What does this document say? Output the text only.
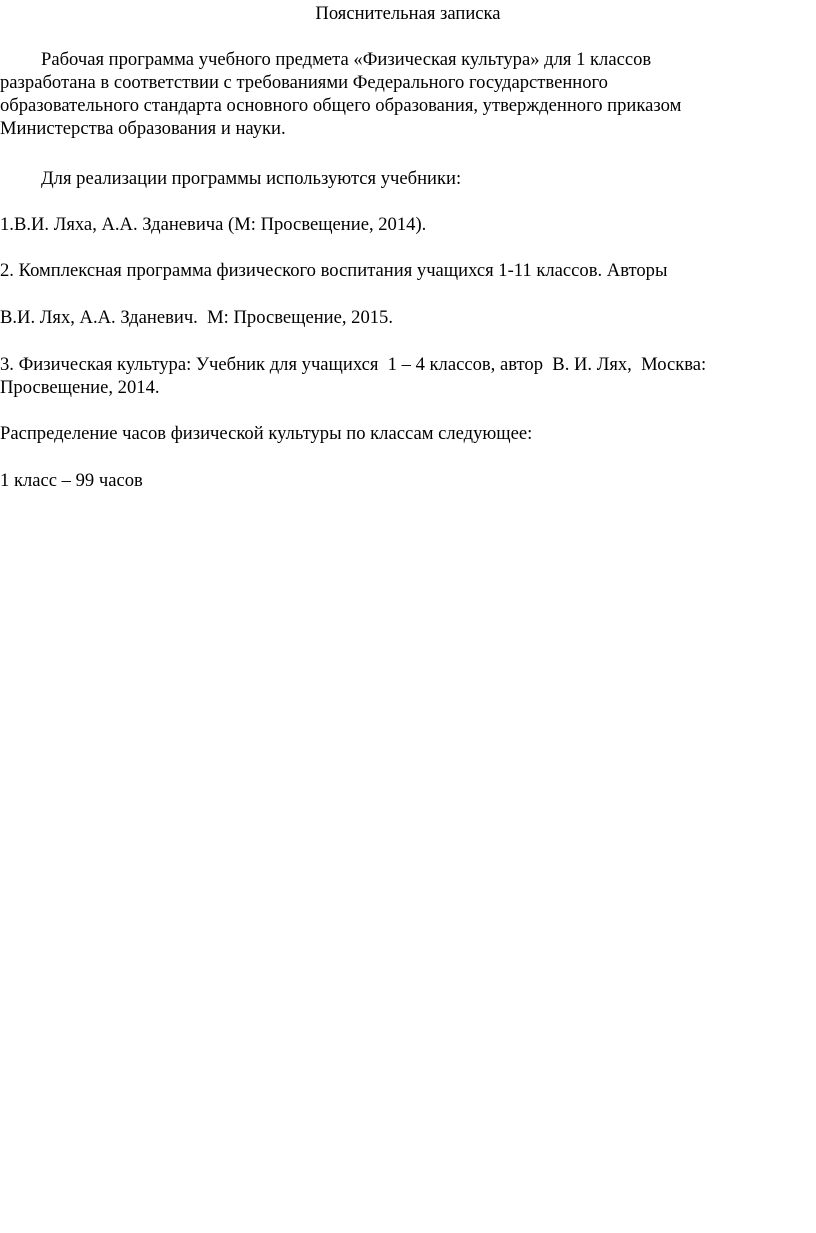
Пояснительная записка
Рабочая программа учебного предмета «Физическая культура» для 1 классов
разработана в соответствии с требованиями Федерального государственного
образовательного стандарта основного общего образования, утвержденного приказом
Министерства образования и науки.
Для реализации программы используются учебники:
1.В.И. Ляха, А.А. Зданевича (М: Просвещение, 2014).
2. Комплексная программа физического воспитания учащихся 1-11 классов. Авторы
В.И. Лях, А.А. Зданевич.  М: Просвещение, 2015.
3. Физическая культура: Учебник для учащихся  1 – 4 классов, автор  В. И. Лях,  Москва:
Просвещение, 2014.
Распределение часов физической культуры по классам следующее:
1 класс – 99 часов
